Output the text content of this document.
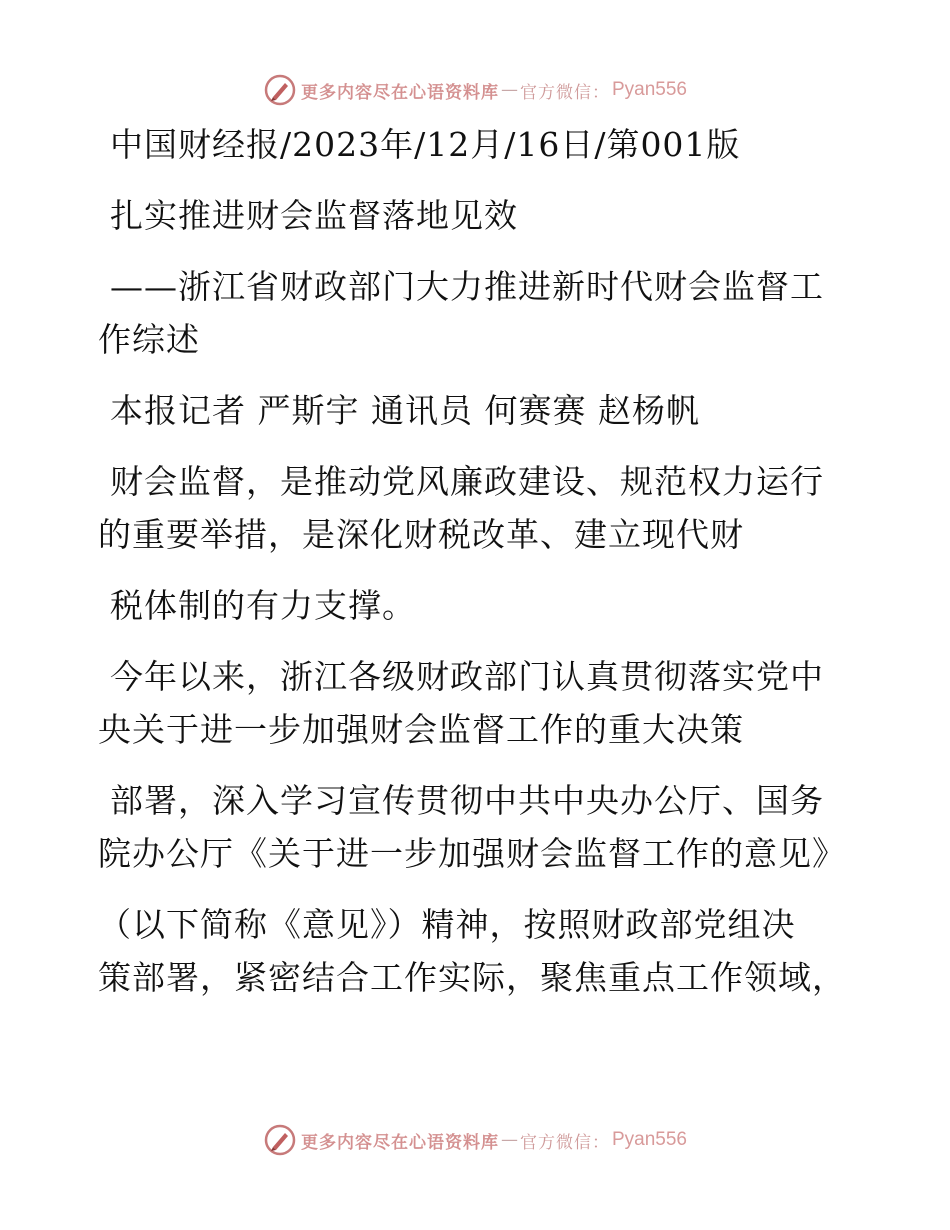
更多内容尽在心语资料库 — 官方微信： Pyan556
中国财经报/2023年/12月/16日/第001版
扎实推进财会监督落地见效
——浙江省财政部门大力推进新时代财会监督工
作综述
本报记者 严斯宇 通讯员 何赛赛 赵杨帆
财会监督，是推动党风廉政建设、规范权力运行
的重要举措，是深化财税改革、建立现代财
税体制的有力支撑。
今年以来，浙江各级财政部门认真贯彻落实党中
央关于进一步加强财会监督工作的重大决策
部署，深入学习宣传贯彻中共中央办公厅、国务
院办公厅《关于进一步加强财会监督工作的意见》
（以下简称《意见》）精神，按照财政部党组决
策部署，紧密结合工作实际，聚焦重点工作领域，
更多内容尽在心语资料库 — 官方微信： Pyan556
